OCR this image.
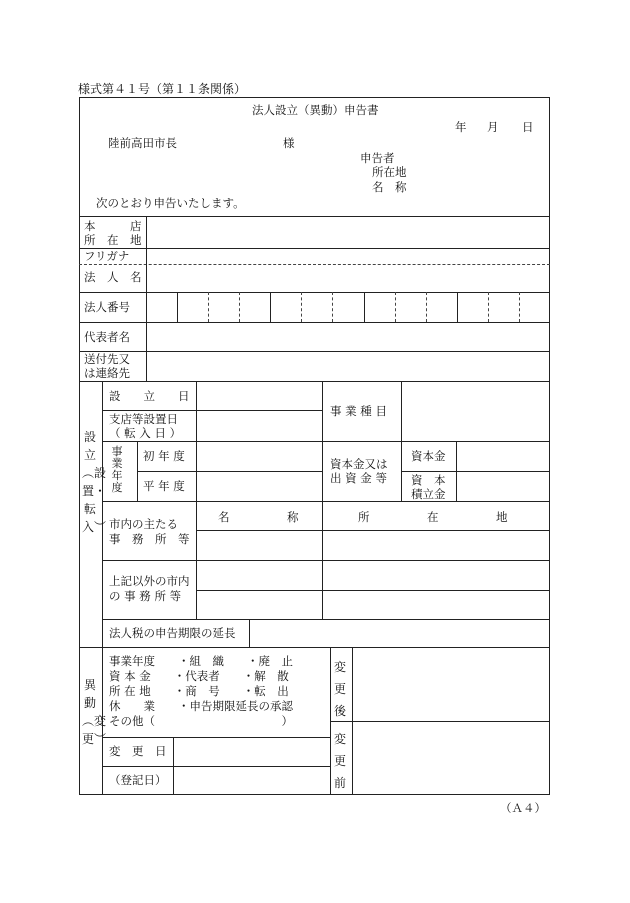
様式第４１号（第１１条関係）
法人設立（異動）申告書
年 月 日
陸前高田市長	様
申告者
所在地
名　称
次のとおり申告いたします。
本　　　店
所　在　地
フリガナ
法　人　名
法人番号
代表者名
送付先又
は連絡先
設立︵設置・転入︶
設　　立　　日
支店等設置日
（ 転 入 日 ）
事 業 種 目
事業年度
初 年 度
平 年 度
資本金又は
出 資 金 等
資本金
資　本
積立金
市内の主たる
事　務　所　等
名　　　　　称	所　　　　　在　　　　　地
上記以外の市内
の 事 務 所 等
法人税の申告期限の延長
異動︵変更︶
事業年度　　・組　織　　・廃　止
資 本 金　　・代表者　　・解　散
所 在 地　　・商　号　　・転　出
休　　業　　・申告期限延長の承認
その他（　　　　　　　　　　　）
変　更　日
（登記日）
変更後
変更前
（Ａ４）
